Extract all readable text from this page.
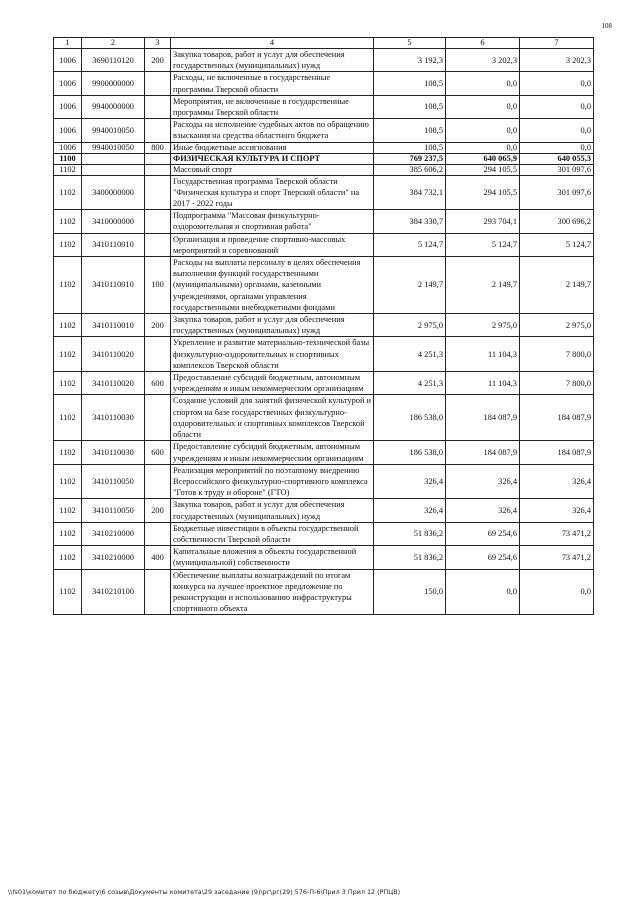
108
1	2	3	4	5	6	7
1006	3690110120	200	Закупка товаров, работ и услуг для обеспечения государственных (муниципальных) нужд	3 192,3	3 202,3	3 202,3
1006	9900000000		Расходы, не включенные в государственные программы Тверской области	108,5	0,0	0,0
1006	9940000000		Мероприятия, не включенные в государственные программы Тверской области	108,5	0,0	0,0
1006	9940010050		Расходы на исполнение судебных актов по обращению взыскания на средства областного бюджета	108,5	0,0	0,0
1006	9940010050	800	Иные бюджетные ассигнования	108,5	0,0	0,0
1100			ФИЗИЧЕСКАЯ КУЛЬТУРА И СПОРТ	769 237,5	640 065,9	640 055,3
1102			Массовый спорт	385 606,2	294 105,5	301 097,6
1102	3400000000		Государственная программа Тверской области "Физическая культура и спорт Тверской области" на 2017 - 2022 годы	384 732,1	294 105,5	301 097,6
1102	3410000000		Подпрограмма "Массовая физкультурно-оздоровительная и спортивная работа"	384 330,7	293 704,1	300 696,2
1102	3410110010		Организация и проведение спортивно-массовых мероприятий и соревнований	5 124,7	5 124,7	5 124,7
1102	3410110010	100	Расходы на выплаты персоналу в целях обеспечения выполнения функций государственными (муниципальными) органами, казенными учреждениями, органами управления государственными внебюджетными фондами	2 149,7	2 149,7	2 149,7
1102	3410110010	200	Закупка товаров, работ и услуг для обеспечения государственных (муниципальных) нужд	2 975,0	2 975,0	2 975,0
1102	3410110020		Укрепление и развитие материально-технической базы физкультурно-оздоровительных и спортивных комплексов Тверской области	4 251,3	11 104,3	7 800,0
1102	3410110020	600	Предоставление субсидий бюджетным, автономным учреждениям и иным некоммерческим организациям	4 251,3	11 104,3	7 800,0
1102	3410110030		Создание условий для занятий физической культурой и спортом на базе государственных физкультурно-оздоровительных и спортивных комплексов Тверской области	186 538,0	184 087,9	184 087,9
1102	3410110030	600	Предоставление субсидий бюджетным, автономным учреждениям и иным некоммерческим организациям	186 538,0	184 087,9	184 087,9
1102	3410110050		Реализация мероприятий по поэтапному внедрению Всероссийского физкультурно-спортивного комплекса "Готов к труду и обороне" (ГТО)	326,4	326,4	326,4
1102	3410110050	200	Закупка товаров, работ и услуг для обеспечения государственных (муниципальных) нужд	326,4	326,4	326,4
1102	3410210000		Бюджетные инвестиции в объекты государственной собственности Тверской области	51 836,2	69 254,6	73 471,2
1102	3410210000	400	Капитальные вложения в объекты государственной (муниципальной) собственности	51 836,2	69 254,6	73 471,2
1102	3410210100		Обеспечение выплаты вознаграждений по итогам конкурса на лучшее проектное предложение по реконструкции и использованию инфраструктуры спортивного объекта	150,0	0,0	0,0
\\fs01\комитет по бюджету\6 созыв\Документы комитета\29 заседание (9)\рг\рг(29) 576-П-6\Прил 3 Прил 12 (РПЦВ)
